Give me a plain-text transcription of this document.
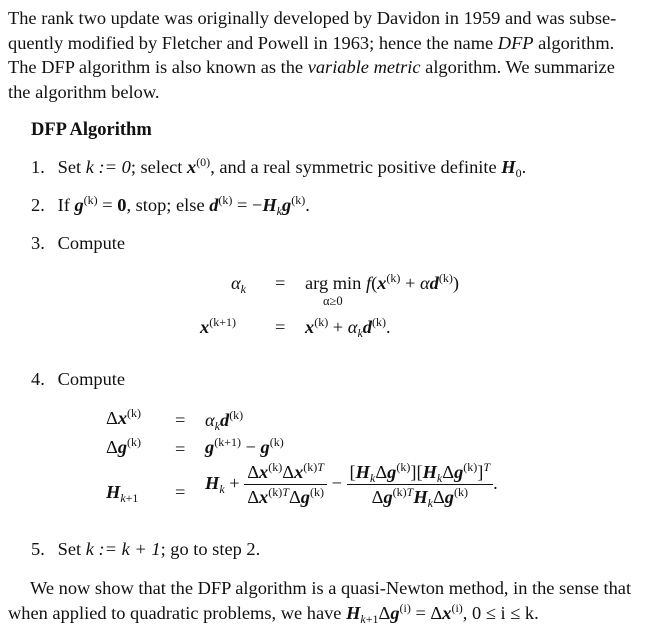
The rank two update was originally developed by Davidon in 1959 and was subse-
quently modified by Fletcher and Powell in 1963; hence the name DFP algorithm.
The DFP algorithm is also known as the variable metric algorithm. We summarize
the algorithm below.
DFP Algorithm
1. Set k := 0; select $x^{(0)}$, and a real symmetric positive definite $H_0$.
2. If $g^{(k)} = 0$, stop; else $d^{(k)} = -H_kg^{(k)}$.
3. Compute
$\alpha_k$ = arg $\min f(x^{(k)} + \alpha d^{(k)})$
α≥0
$x^{(k+1)} = x^{(k)} + \alpha_kd^{(k)}$.
4. Compute
$\Delta x^{(k)} = \alpha_kd^{(k)}$
$\Delta g^{(k)} = g^{(k+1)} - g^{(k)}$
$H_{k+1} = H_k + \frac{\Delta x^{(k)}\Delta x^{(k)T}}{\Delta x^{(k)T}\Delta g^{(k)}} - \frac{[H_k\Delta g^{(k)}][H_k\Delta g^{(k)}]^T}{\Delta g^{(k)T}H_k\Delta g^{(k)}}$ .
5. Set k := k + 1; go to step 2.
We now show that the DFP algorithm is a quasi-Newton method, in the sense that
when applied to quadratic problems, we have $H_{k+1}\Delta g^{(i)} = \Delta x^{(i)}$, 0 ≤ i ≤ k.
